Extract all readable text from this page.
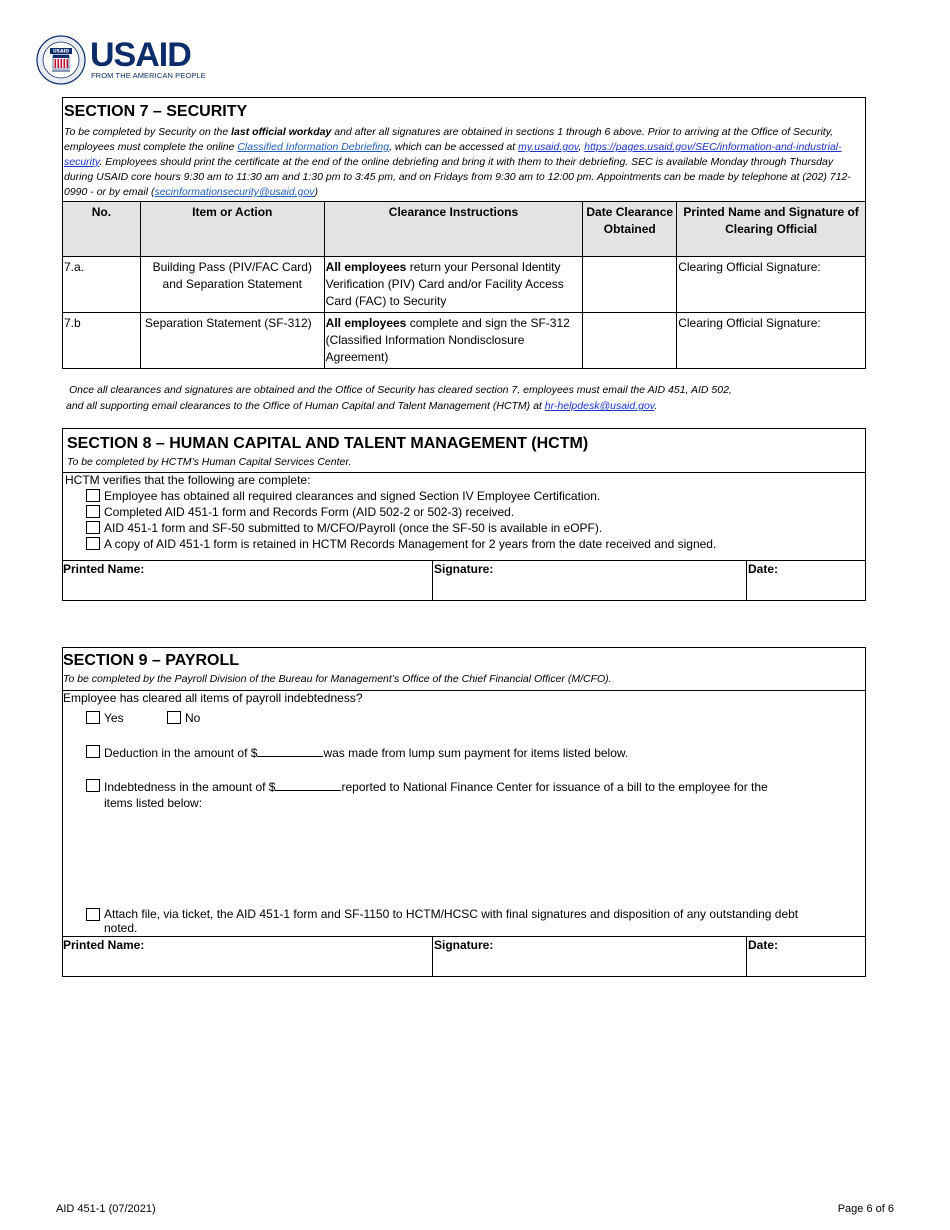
USAID USAID
FROM THE AMERICAN PEOPLE
SECTION 7 – SECURITY
To be completed by Security on the last official workday and after all signatures are obtained in sections 1 through 6 above. Prior to arriving at the Office of Security, employees must complete the online Classified Information Debriefing, which can be accessed at my.usaid.gov, https://pages.usaid.gov/SEC/information-and-industrial-security. Employees should print the certificate at the end of the online debriefing and bring it with them to their debriefing. SEC is available Monday through Thursday during USAID core hours 9:30 am to 11:30 am and 1:30 pm to 3:45 pm, and on Fridays from 9:30 am to 12:00 pm. Appointments can be made by telephone at (202) 712-0990 - or by email (secinformationsecurity@usaid.gov)
No.	Item or Action	Clearance Instructions	Date Clearance Obtained	Printed Name and Signature of Clearing Official
7.a.	Building Pass (PIV/FAC Card) and Separation Statement	All employees return your Personal Identity Verification (PIV) Card and/or Facility Access Card (FAC) to Security		Clearing Official Signature:
7.b	Separation Statement (SF-312)	All employees complete and sign the SF-312 (Classified Information Nondisclosure Agreement)		Clearing Official Signature:
Once all clearances and signatures are obtained and the Office of Security has cleared section 7, employees must email the AID 451, AID 502,
and all supporting email clearances to the Office of Human Capital and Talent Management (HCTM) at hr-helpdesk@usaid.gov.
SECTION 8 – HUMAN CAPITAL AND TALENT MANAGEMENT (HCTM)
To be completed by HCTM’s Human Capital Services Center.
HCTM verifies that the following are complete:
Employee has obtained all required clearances and signed Section IV Employee Certification.
Completed AID 451-1 form and Records Form (AID 502-2 or 502-3) received.
AID 451-1 form and SF-50 submitted to M/CFO/Payroll (once the SF-50 is available in eOPF).
A copy of AID 451-1 form is retained in HCTM Records Management for 2 years from the date received and signed.
Printed Name:	Signature:	Date:
SECTION 9 – PAYROLL
To be completed by the Payroll Division of the Bureau for Management’s Office of the Chief Financial Officer (M/CFO).
Employee has cleared all items of payroll indebtedness?
Yes	No
Deduction in the amount of $	was made from lump sum payment for items listed below.
Indebtedness in the amount of $	reported to National Finance Center for issuance of a bill to the employee for the
items listed below:
Attach file, via ticket, the AID 451-1 form and SF-1150 to HCTM/HCSC with final signatures and disposition of any outstanding debt
noted.
Printed Name:	Signature:	Date:
AID 451-1 (07/2021)	Page 6 of 6
